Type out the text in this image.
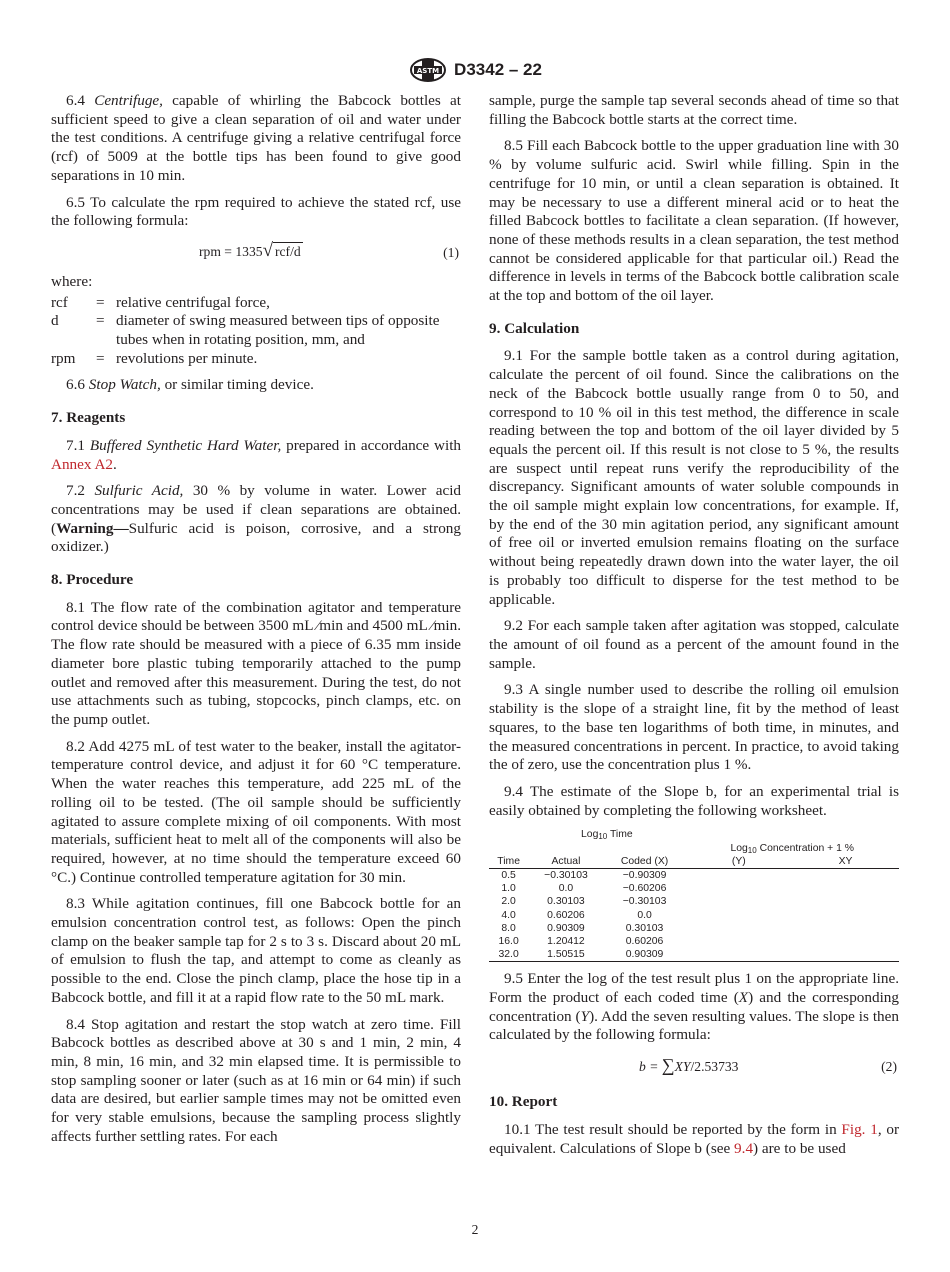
ASTM D3342 – 22

6.4 Centrifuge, capable of whirling the Babcock bottles at sufficient speed to give a clean separation of oil and water under the test conditions. A centrifuge giving a relative centrifugal force (rcf) of 5009 at the bottle tips has been found to give good separations in 10 min.

6.5 To calculate the rpm required to achieve the stated rcf, use the following formula:

rpm = 1335√ rcf/d	(1)

where:

rcf	= relative centrifugal force,
d	= diameter of swing measured between tips of opposite tubes when in rotating position, mm, and
rpm	= revolutions per minute.

6.6 Stop Watch, or similar timing device.

7. Reagents

7.1 Buffered Synthetic Hard Water, prepared in accordance with Annex A2.

7.2 Sulfuric Acid, 30 % by volume in water. Lower acid concentrations may be used if clean separations are obtained. (Warning—Sulfuric acid is poison, corrosive, and a strong oxidizer.)

8. Procedure

8.1 The flow rate of the combination agitator and temperature control device should be between 3500 mL ⁄min and 4500 mL ⁄min. The flow rate should be measured with a piece of 6.35 mm inside diameter bore plastic tubing temporarily attached to the pump outlet and removed after this measurement. During the test, do not use attachments such as tubing, stopcocks, pinch clamps, etc. on the pump outlet.

8.2 Add 4275 mL of test water to the beaker, install the agitator-temperature control device, and adjust it for 60 °C temperature. When the water reaches this temperature, add 225 mL of the rolling oil to be tested. (The oil sample should be sufficiently agitated to assure complete mixing of oil components. With most materials, sufficient heat to melt all of the components will also be required, however, at no time should the temperature exceed 60 °C.) Continue controlled temperature agitation for 30 min.

8.3 While agitation continues, fill one Babcock bottle for an emulsion concentration control test, as follows: Open the pinch clamp on the beaker sample tap for 2 s to 3 s. Discard about 20 mL of emulsion to flush the tap, and attempt to come as cleanly as possible to the end. Close the pinch clamp, place the hose tip in a Babcock bottle, and fill it at a rapid flow rate to the 50 mL mark.

8.4 Stop agitation and restart the stop watch at zero time. Fill Babcock bottles as described above at 30 s and 1 min, 2 min, 4 min, 8 min, 16 min, and 32 min elapsed time. It is permissible to stop sampling sooner or later (such as at 16 min or 64 min) if such data are desired, but earlier sample times may not be omitted even for very stable emulsions, because the sampling process slightly affects further settling rates. For each

sample, purge the sample tap several seconds ahead of time so that filling the Babcock bottle starts at the correct time.

8.5 Fill each Babcock bottle to the upper graduation line with 30 % by volume sulfuric acid. Swirl while filling. Spin in the centrifuge for 10 min, or until a clean separation is obtained. It may be necessary to use a different mineral acid or to heat the filled Babcock bottles to facilitate a clean separation. (If however, none of these methods results in a clean separation, the test method cannot be considered applicable for that particular oil.) Read the difference in levels in terms of the Babcock bottle calibration scale at the top and bottom of the oil layer.

9. Calculation

9.1 For the sample bottle taken as a control during agitation, calculate the percent of oil found. Since the calibrations on the neck of the Babcock bottle usually range from 0 to 50, and correspond to 10 % oil in this test method, the difference in scale reading between the top and bottom of the oil layer divided by 5 equals the percent oil. If this result is not close to 5 %, the results are suspect until repeat runs verify the reproducibility of the discrepancy. Significant amounts of water soluble compounds in the oil sample might explain low concentrations, for example. If, by the end of the 30 min agitation period, any significant amount of free oil or inverted emulsion remains floating on the surface without being repeatedly drawn down into the water layer, the oil is probably too difficult to disperse for the test method to be applicable.

9.2 For each sample taken after agitation was stopped, calculate the amount of oil found as a percent of the amount found in the sample.

9.3 A single number used to describe the rolling oil emulsion stability is the slope of a straight line, fit by the method of least squares, to the base ten logarithms of both time, in minutes, and the measured concentrations in percent. In practice, to avoid taking the of zero, use the concentration plus 1 %.

9.4 The estimate of the Slope b, for an experimental trial is easily obtained by completing the following worksheet.

	Log10 Time			
			Log10 Concentration + 1 %	
Time	Actual	Coded (X)	(Y)	XY
0.5	−0.30103	−0.90309		
1.0	0.0	−0.60206		
2.0	0.30103	−0.30103		
4.0	0.60206	0.0		
8.0	0.90309	0.30103		
16.0	1.20412	0.60206		
32.0	1.50515	0.90309		

9.5 Enter the log of the test result plus 1 on the appropriate line. Form the product of each coded time (X) and the corresponding concentration (Y). Add the seven resulting values. The slope is then calculated by the following formula:

b = ∑XY/2.53733	(2)

10. Report

10.1 The test result should be reported by the form in Fig. 1, or equivalent. Calculations of Slope b (see 9.4) are to be used

2
